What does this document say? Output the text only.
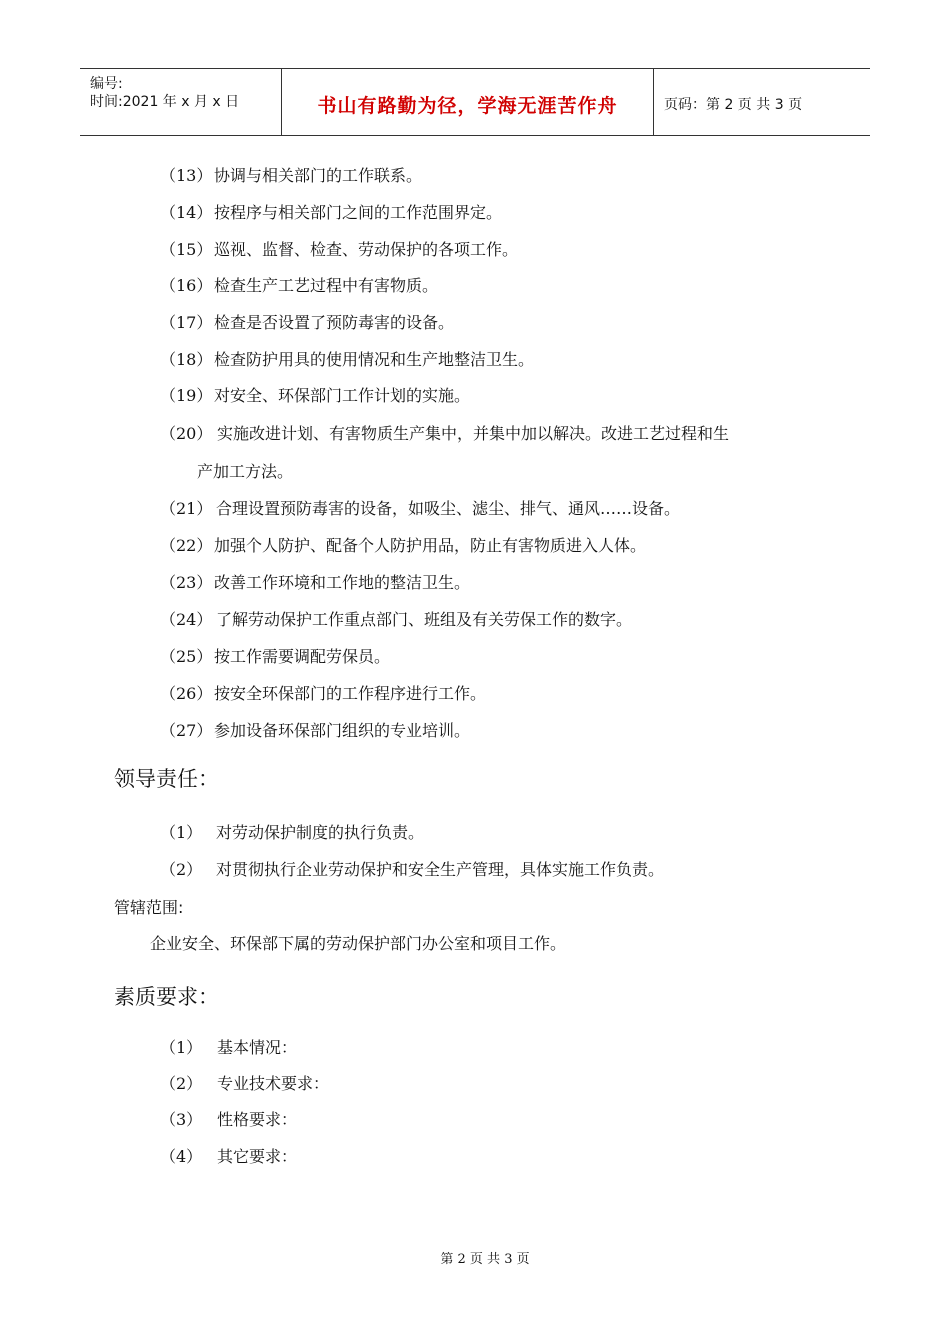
编号:
时间:2021 年 x 月 x 日	书山有路勤为径，学海无涯苦作舟	页码：第 2 页 共 3 页
（13） 协调与相关部门的工作联系。
（14） 按程序与相关部门之间的工作范围界定。
（15） 巡视、监督、检查、劳动保护的各项工作。
（16） 检查生产工艺过程中有害物质。
（17） 检查是否设置了预防毒害的设备。
（18） 检查防护用具的使用情况和生产地整洁卫生。
（19） 对安全、环保部门工作计划的实施。
（20） 实施改进计划、有害物质生产集中，并集中加以解决。改进工艺过程和生
产加工方法。
（21） 合理设置预防毒害的设备，如吸尘、滤尘、排气、通风……设备。
（22） 加强个人防护、配备个人防护用品，防止有害物质进入人体。
（23） 改善工作环境和工作地的整洁卫生。
（24） 了解劳动保护工作重点部门、班组及有关劳保工作的数字。
（25） 按工作需要调配劳保员。
（26） 按安全环保部门的工作程序进行工作。
（27） 参加设备环保部门组织的专业培训。
领导责任：
（1） 对劳动保护制度的执行负责。
（2） 对贯彻执行企业劳动保护和安全生产管理，具体实施工作负责。
管辖范围:
企业安全、环保部下属的劳动保护部门办公室和项目工作。
素质要求：
（1） 基本情况：
（2） 专业技术要求：
（3） 性格要求：
（4） 其它要求：
第 2 页 共 3 页
